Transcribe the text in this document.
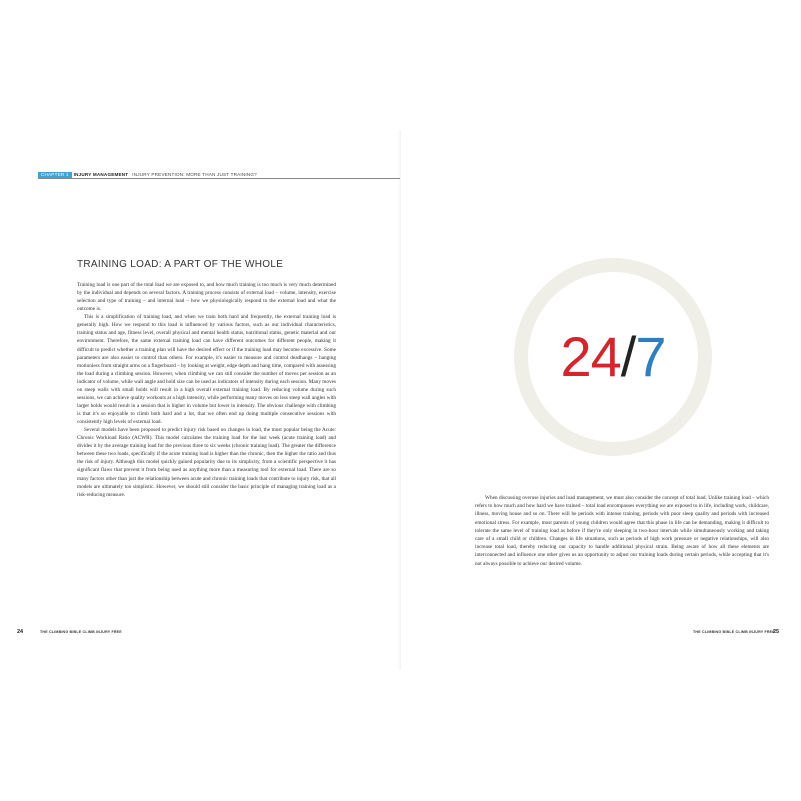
CHAPTER 1	INJURY MANAGEMENT INJURY PREVENTION: MORE THAN JUST TRAINING?
TRAINING LOAD: A PART OF THE WHOLE

Training load is one part of the total load we are exposed to, and how much training is too much is very much determined by the individual and depends on several factors. A training process consists of external load – volume, intensity, exercise selection and type of training – and internal load – how we physiologically respond to the external load and what the outcome is.

This is a simplification of training load, and when we train both hard and frequently, the external training load is generally high. How we respond to this load is influenced by various factors, such as our individual characteristics, training status and age, fitness level, overall physical and mental health status, nutritional status, genetic material and our environment. Therefore, the same external training load can have different outcomes for different people, making it difficult to predict whether a training plan will have the desired effect or if the training load may become excessive. Some parameters are also easier to control than others. For example, it's easier to measure and control deadhangs – hanging motionless from straight arms on a fingerboard – by looking at weight, edge depth and hang time, compared with assessing the load during a climbing session. However, when climbing we can still consider the number of moves per session as an indicator of volume, while wall angle and hold size can be used as indicators of intensity during each session. Many moves on steep walls with small holds will result in a high overall external training load. By reducing volume during such sessions, we can achieve quality workouts at a high intensity, while performing many moves on less steep wall angles with larger holds would result in a session that is higher in volume but lower in intensity. The obvious challenge with climbing is that it's so enjoyable to climb both hard and a lot, that we often end up doing multiple consecutive sessions with consistently high levels of external load.

Several models have been proposed to predict injury risk based on changes in load, the most popular being the Acute: Chronic Workload Ratio (ACWR). This model calculates the training load for the last week (acute training load) and divides it by the average training load for the previous three to six weeks (chronic training load). The greater the difference between these two loads, specifically if the acute training load is higher than the chronic, then the higher the ratio and thus the risk of injury. Although this model quickly gained popularity due to its simplicity, from a scientific perspective it has significant flaws that prevent it from being used as anything more than a measuring tool for external load. There are so many factors other than just the relationship between acute and chronic training loads that contribute to injury risk, that all models are ultimately too simplistic. However, we should still consider the basic principle of managing training load as a risk-reducing measure.

24	THE CLIMBING BIBLE CLIMB INJURY FREE
24/7

When discussing overuse injuries and load management, we must also consider the concept of total load. Unlike training load – which refers to how much and how hard we have trained – total load encompasses everything we are exposed to in life, including work, childcare, illness, moving house and so on. There will be periods with intense training, periods with poor sleep quality and periods with increased emotional stress. For example, most parents of young children would agree that this phase in life can be demanding, making it difficult to tolerate the same level of training load as before if they're only sleeping in two-hour intervals while simultaneously working and taking care of a small child or children. Changes in life situations, such as periods of high work pressure or negative relationships, will also increase total load, thereby reducing our capacity to handle additional physical strain. Being aware of how all these elements are interconnected and influence one other gives us an opportunity to adjust our training loads during certain periods, while accepting that it's not always possible to achieve our desired volume.

THE CLIMBING BIBLE CLIMB INJURY FREE
25
